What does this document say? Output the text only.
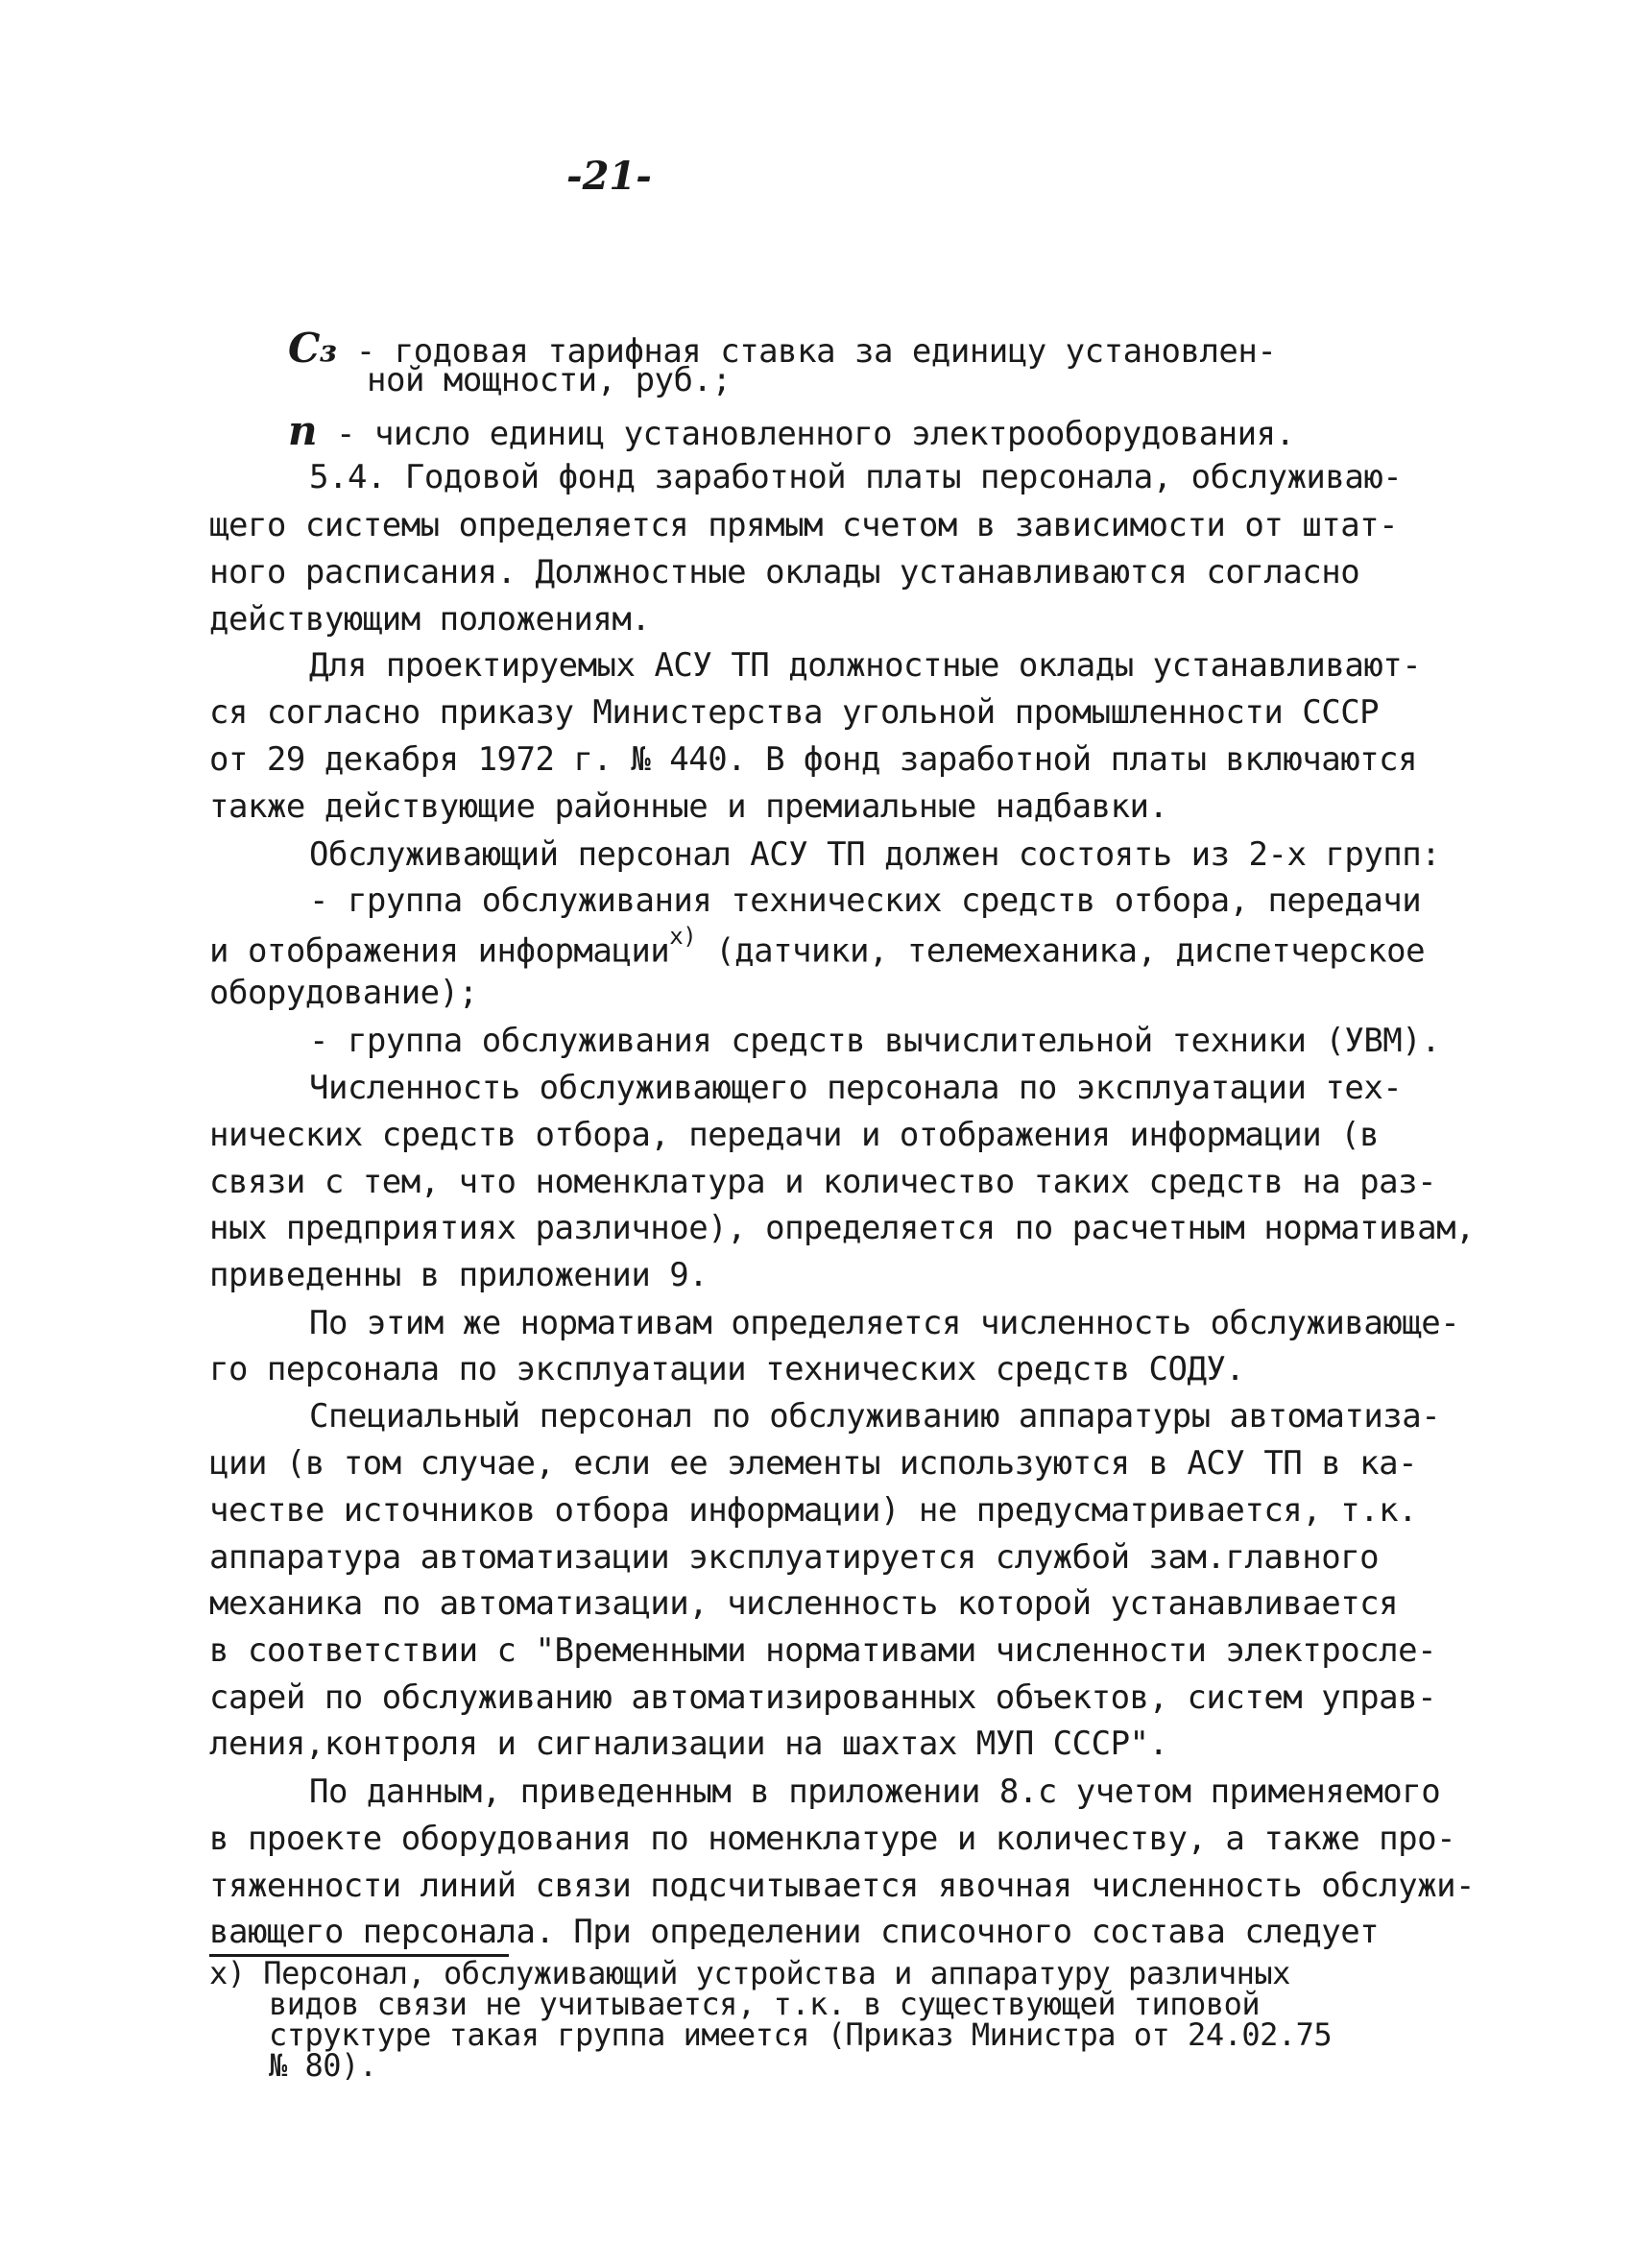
-21-
C₃ - годовая тарифная ставка за единицу установлен-
ной мощности, руб.;
n - число единиц установленного электрооборудования.
5.4. Годовой фонд заработной платы персонала, обслуживаю-
щего системы определяется прямым счетом в зависимости от штат-
ного расписания. Должностные оклады устанавливаются согласно
действующим положениям.
Для проектируемых АСУ ТП должностные оклады устанавливают-
ся согласно приказу Министерства угольной промышленности СССР
от 29 декабря 1972 г. № 440. В фонд заработной платы включаются
также действующие районные и премиальные надбавки.
Обслуживающий персонал АСУ ТП должен состоять из 2-х групп:
- группа обслуживания технических средств отбора, передачи
и отображения информации$^{x)}$ (датчики, телемеханика, диспетчерское
оборудование);
- группа обслуживания средств вычислительной техники (УВМ).
Численность обслуживающего персонала по эксплуатации тех-
нических средств отбора, передачи и отображения информации (в
связи с тем, что номенклатура и количество таких средств на раз-
ных предприятиях различное), определяется по расчетным нормативам,
приведенны в приложении 9.
По этим же нормативам определяется численность обслуживающе-
го персонала по эксплуатации технических средств СОДУ.
Специальный персонал по обслуживанию аппаратуры автоматиза-
ции (в том случае, если ее элементы используются в АСУ ТП в ка-
честве источников отбора информации) не предусматривается, т.к.
аппаратура автоматизации эксплуатируется службой зам.главного
механика по автоматизации, численность которой устанавливается
в соответствии с "Временными нормативами численности электросле-
сарей по обслуживанию автоматизированных объектов, систем управ-
ления,контроля и сигнализации на шахтах МУП СССР".
По данным, приведенным в приложении 8.с учетом применяемого
в проекте оборудования по номенклатуре и количеству, а также про-
тяженности линий связи подсчитывается явочная численность обслужи-
вающего персонала. При определении списочного состава следует
x) Персонал, обслуживающий устройства и аппаратуру различных
видов связи не учитывается, т.к. в существующей типовой
структуре такая группа имеется (Приказ Министра от 24.02.75
№ 80).
